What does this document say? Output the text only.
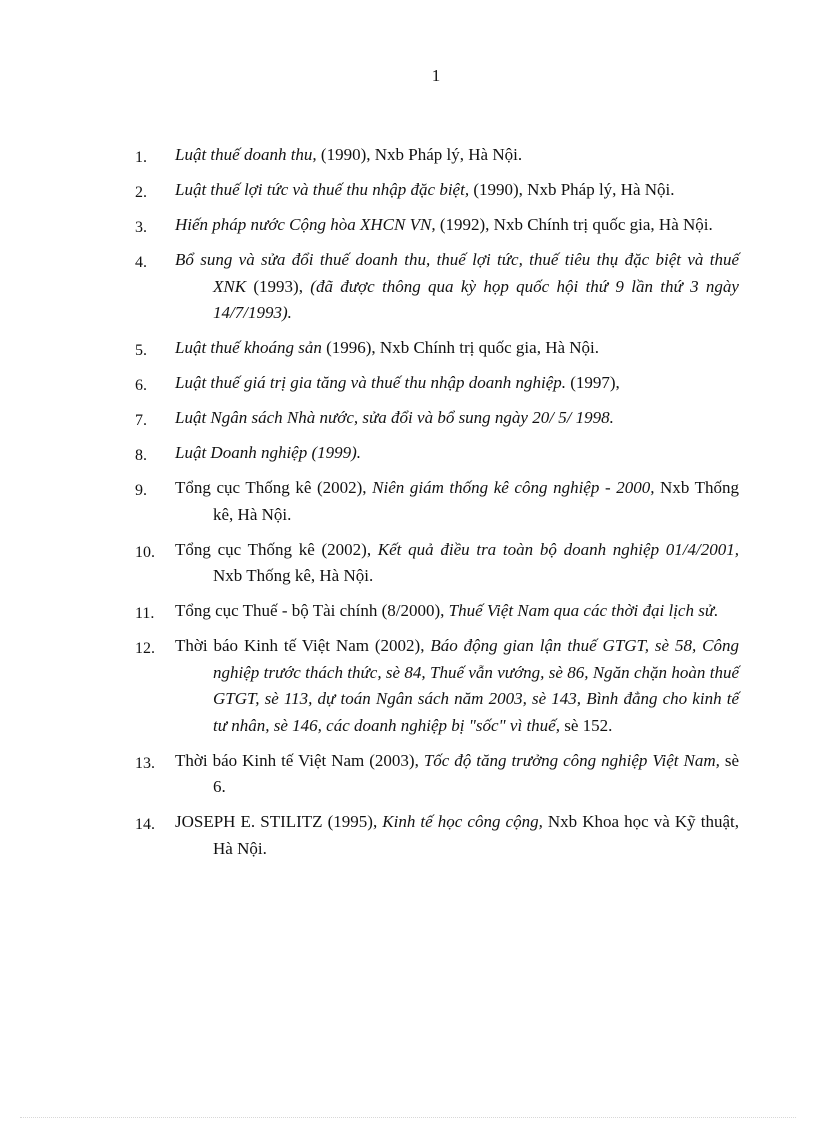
1
1.	Luật thuế doanh thu, (1990), Nxb Pháp lý, Hà Nội.
2.	Luật thuế lợi tức và thuế thu nhập đặc biệt, (1990), Nxb Pháp lý, Hà Nội.
3.	Hiến pháp nước Cộng hòa XHCN VN, (1992), Nxb Chính trị quốc gia, Hà Nội.
4.	Bổ sung và sửa đổi thuế doanh thu, thuế lợi tức, thuế tiêu thụ đặc biệt và thuế XNK (1993), (đã được thông qua kỳ họp quốc hội thứ 9 lần thứ 3 ngày 14/7/1993).
5.	Luật thuế khoáng sản (1996), Nxb Chính trị quốc gia, Hà Nội.
6.	Luật thuế giá trị gia tăng và thuế thu nhập doanh nghiệp. (1997),
7.	Luật Ngân sách Nhà nước, sửa đổi và bổ sung ngày 20/ 5/ 1998.
8.	Luật Doanh nghiệp (1999).
9.	Tổng cục Thống kê (2002), Niên giám thống kê công nghiệp - 2000, Nxb Thống kê, Hà Nội.
10.	Tổng cục Thống kê (2002), Kết quả điều tra toàn bộ doanh nghiệp 01/4/2001, Nxb Thống kê, Hà Nội.
11.	Tổng cục Thuế - bộ Tài chính (8/2000), Thuế Việt Nam qua các thời đại lịch sử.
12.	Thời báo Kinh tế Việt Nam (2002), Báo động gian lận thuế GTGT, sè 58, Công nghiệp trước thách thức, sè 84, Thuế vẫn vướng, sè 86, Ngăn chặn hoàn thuế GTGT, sè 113, dự toán Ngân sách năm 2003, sè 143, Bình đẳng cho kinh tế tư nhân, sè 146, các doanh nghiệp bị "sốc" vì thuế, sè 152.
13.	Thời báo Kinh tế Việt Nam (2003), Tốc độ tăng trưởng công nghiệp Việt Nam, sè 6.
14.	JOSEPH E. STILITZ (1995), Kinh tế học công cộng, Nxb Khoa học và Kỹ thuật, Hà Nội.
